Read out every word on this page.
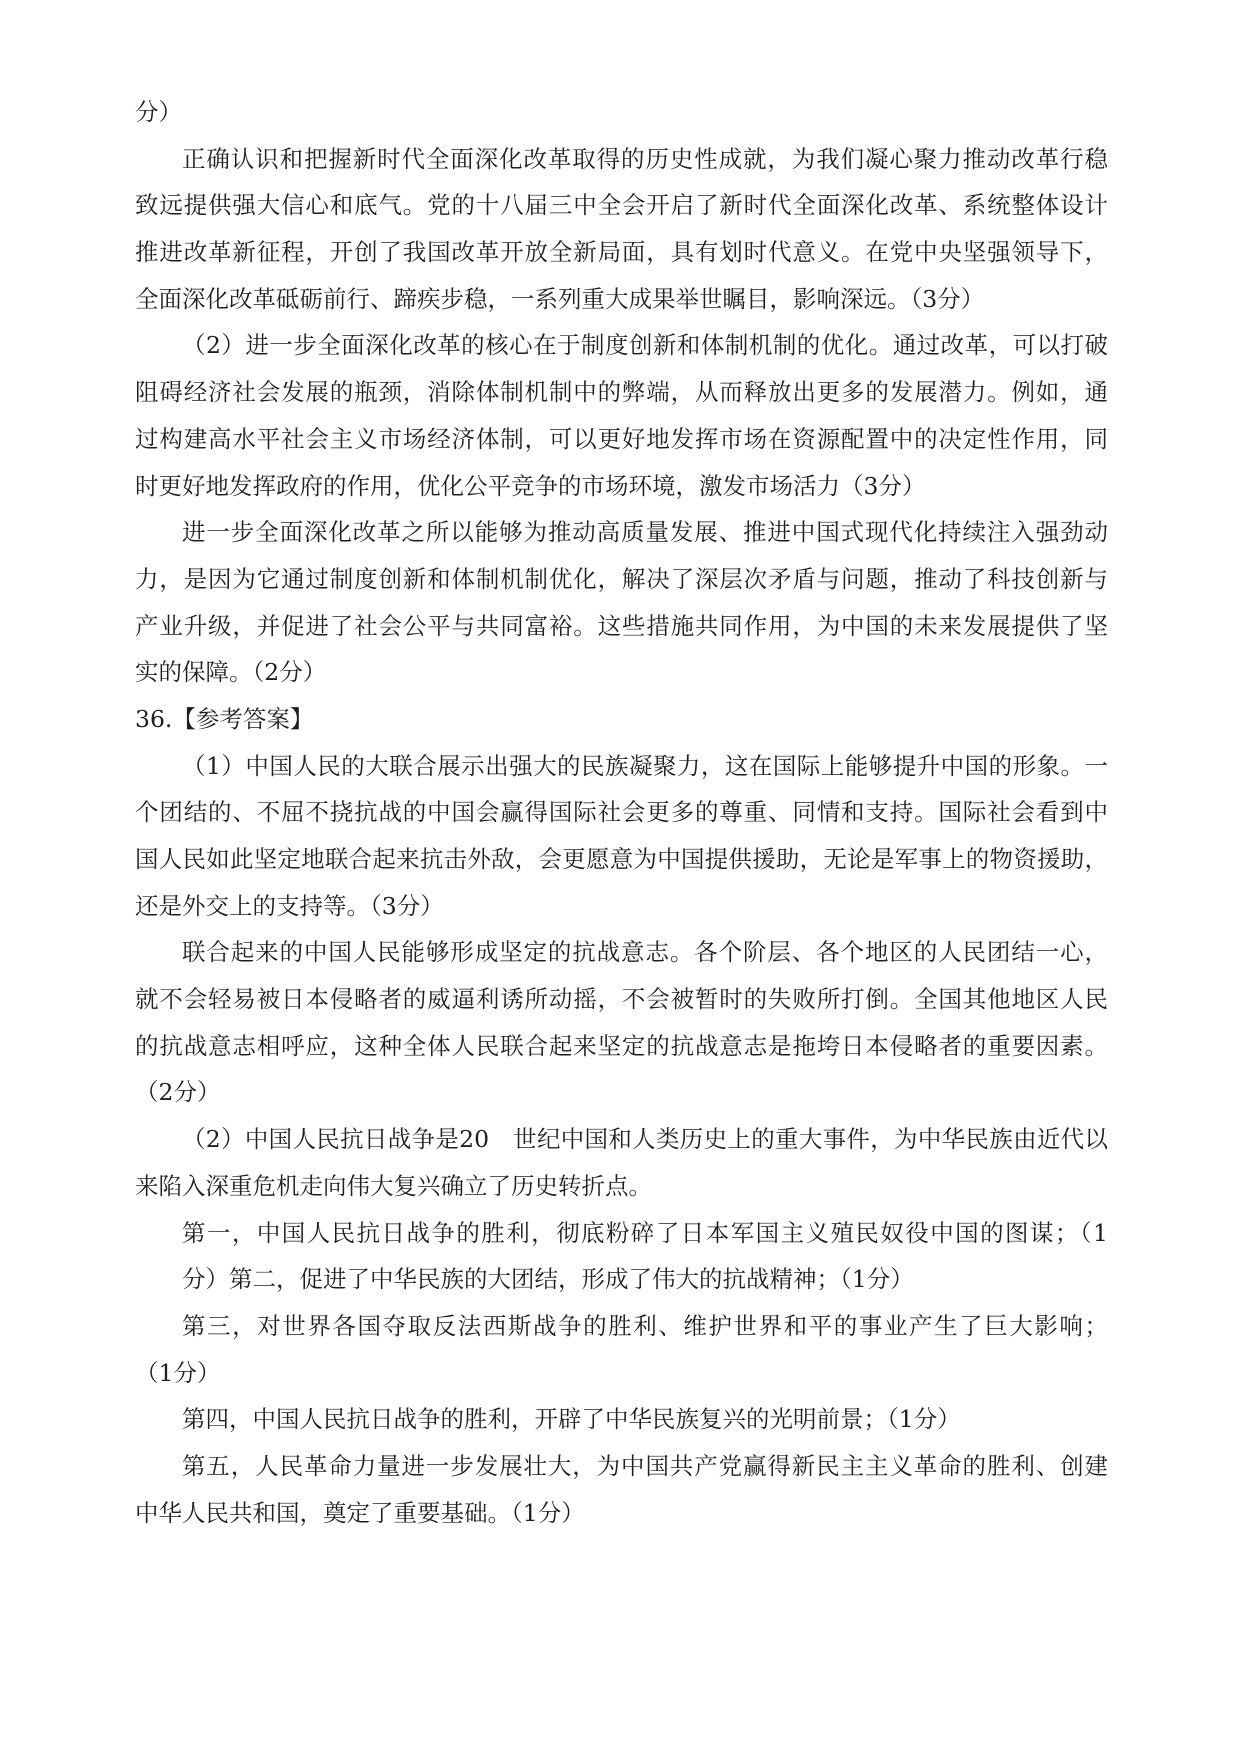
分）
正确认识和把握新时代全面深化改革取得的历史性成就，为我们凝心聚力推动改革行稳
致远提供强大信心和底气。党的十八届三中全会开启了新时代全面深化改革、系统整体设计
推进改革新征程，开创了我国改革开放全新局面，具有划时代意义。在党中央坚强领导下，
全面深化改革砥砺前行、蹄疾步稳，一系列重大成果举世瞩目，影响深远。（3分）
（2）进一步全面深化改革的核心在于制度创新和体制机制的优化。通过改革，可以打破
阻碍经济社会发展的瓶颈，消除体制机制中的弊端，从而释放出更多的发展潜力。例如，通
过构建高水平社会主义市场经济体制，可以更好地发挥市场在资源配置中的决定性作用，同
时更好地发挥政府的作用，优化公平竞争的市场环境，激发市场活力（3分）
进一步全面深化改革之所以能够为推动高质量发展、推进中国式现代化持续注入强劲动
力，是因为它通过制度创新和体制机制优化，解决了深层次矛盾与问题，推动了科技创新与
产业升级，并促进了社会公平与共同富裕。这些措施共同作用，为中国的未来发展提供了坚
实的保障。（2分）
36.【参考答案】
（1）中国人民的大联合展示出强大的民族凝聚力，这在国际上能够提升中国的形象。一
个团结的、不屈不挠抗战的中国会赢得国际社会更多的尊重、同情和支持。国际社会看到中
国人民如此坚定地联合起来抗击外敌，会更愿意为中国提供援助，无论是军事上的物资援助，
还是外交上的支持等。（3分）
联合起来的中国人民能够形成坚定的抗战意志。各个阶层、各个地区的人民团结一心，
就不会轻易被日本侵略者的威逼利诱所动摇，不会被暂时的失败所打倒。全国其他地区人民
的抗战意志相呼应，这种全体人民联合起来坚定的抗战意志是拖垮日本侵略者的重要因素。
（2分）
（2）中国人民抗日战争是20　世纪中国和人类历史上的重大事件，为中华民族由近代以
来陷入深重危机走向伟大复兴确立了历史转折点。
第一，中国人民抗日战争的胜利，彻底粉碎了日本军国主义殖民奴役中国的图谋；（1
分）第二，促进了中华民族的大团结，形成了伟大的抗战精神；（1分）
第三，对世界各国夺取反法西斯战争的胜利、维护世界和平的事业产生了巨大影响；
（1分）
第四，中国人民抗日战争的胜利，开辟了中华民族复兴的光明前景；（1分）
第五，人民革命力量进一步发展壮大，为中国共产党赢得新民主主义革命的胜利、创建
中华人民共和国，奠定了重要基础。（1分）
